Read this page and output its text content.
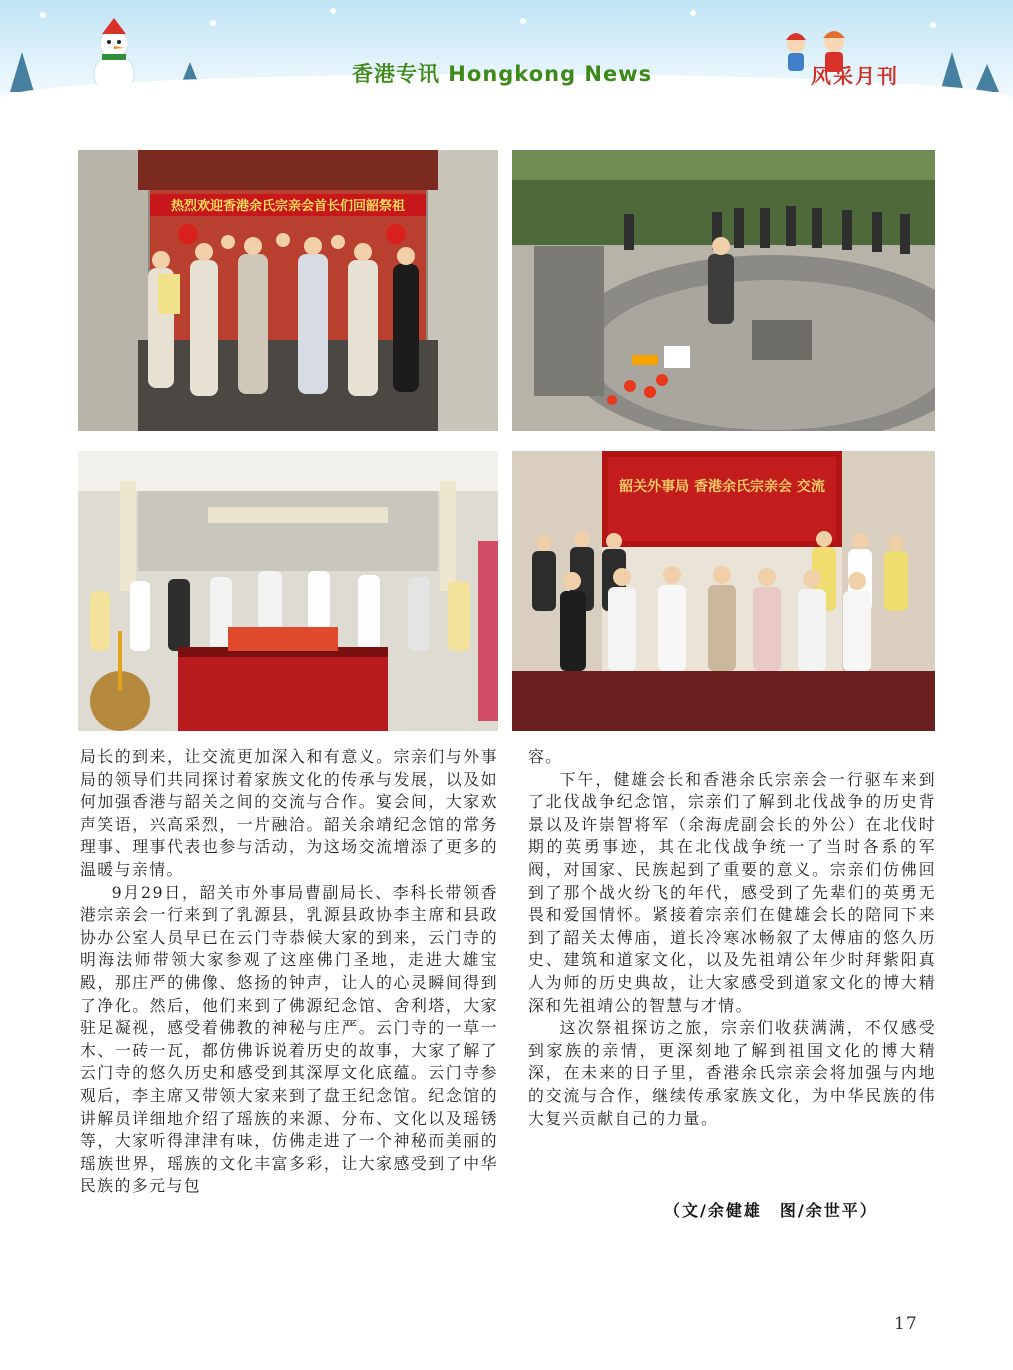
香港专讯 Hongkong News	风采月刊
热烈欢迎香港余氏宗亲会首长们回韶祭祖
韶关外事局 香港余氏宗亲会 交流

局长的到来，让交流更加深入和有意义。宗亲们与外事局的领导们共同探讨着家族文化的传承与发展，以及如何加强香港与韶关之间的交流与合作。宴会间，大家欢声笑语，兴高采烈，一片融洽。韶关余靖纪念馆的常务理事、理事代表也参与活动，为这场交流增添了更多的温暖与亲情。

9月29日，韶关市外事局曹副局长、李科长带领香港宗亲会一行来到了乳源县，乳源县政协李主席和县政协办公室人员早已在云门寺恭候大家的到来，云门寺的明海法师带领大家参观了这座佛门圣地，走进大雄宝殿，那庄严的佛像、悠扬的钟声，让人的心灵瞬间得到了净化。然后，他们来到了佛源纪念馆、舍利塔，大家驻足凝视，感受着佛教的神秘与庄严。云门寺的一草一木、一砖一瓦，都仿佛诉说着历史的故事，大家了解了云门寺的悠久历史和感受到其深厚文化底蕴。云门寺参观后，李主席又带领大家来到了盘王纪念馆。纪念馆的讲解员详细地介绍了瑶族的来源、分布、文化以及瑶锈等，大家听得津津有味，仿佛走进了一个神秘而美丽的瑶族世界，瑶族的文化丰富多彩，让大家感受到了中华民族的多元与包

容。

下午，健雄会长和香港余氏宗亲会一行驱车来到了北伐战争纪念馆，宗亲们了解到北伐战争的历史背景以及许崇智将军（余海虎副会长的外公）在北伐时期的英勇事迹，其在北伐战争统一了当时各系的军阀，对国家、民族起到了重要的意义。宗亲们仿佛回到了那个战火纷飞的年代，感受到了先辈们的英勇无畏和爱国情怀。紧接着宗亲们在健雄会长的陪同下来到了韶关太傅庙，道长冷寒冰畅叙了太傅庙的悠久历史、建筑和道家文化，以及先祖靖公年少时拜紫阳真人为师的历史典故，让大家感受到道家文化的博大精深和先祖靖公的智慧与才情。

这次祭祖探访之旅，宗亲们收获满满，不仅感受到家族的亲情，更深刻地了解到祖国文化的博大精深，在未来的日子里，香港余氏宗亲会将加强与内地的交流与合作，继续传承家族文化，为中华民族的伟大复兴贡献自己的力量。

（文/余健雄　图/余世平）
17
